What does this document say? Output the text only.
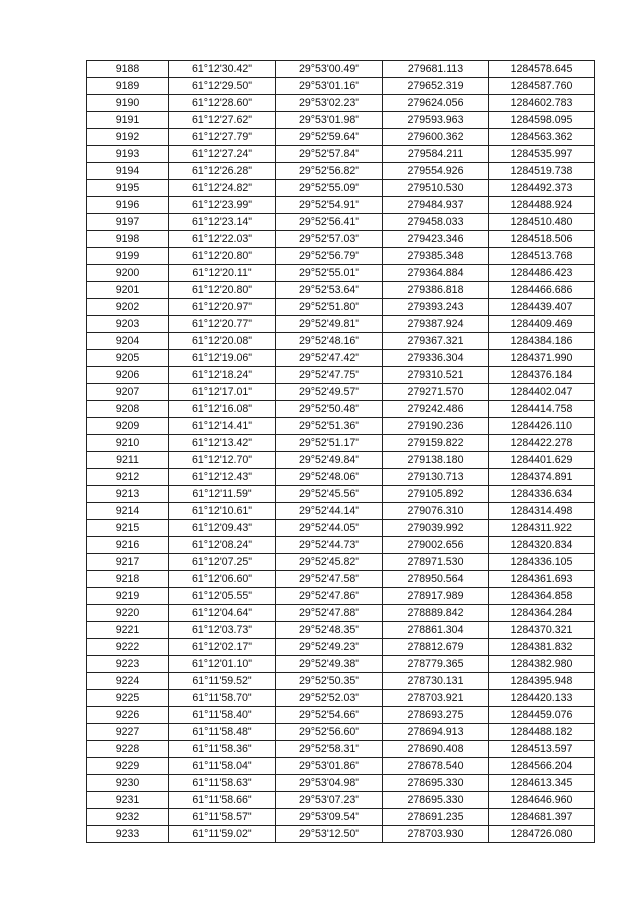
9188	61°12'30.42"	29°53'00.49"	279681.113	1284578.645
9189	61°12'29.50"	29°53'01.16"	279652.319	1284587.760
9190	61°12'28.60"	29°53'02.23"	279624.056	1284602.783
9191	61°12'27.62"	29°53'01.98"	279593.963	1284598.095
9192	61°12'27.79"	29°52'59.64"	279600.362	1284563.362
9193	61°12'27.24"	29°52'57.84"	279584.211	1284535.997
9194	61°12'26.28"	29°52'56.82"	279554.926	1284519.738
9195	61°12'24.82"	29°52'55.09"	279510.530	1284492.373
9196	61°12'23.99"	29°52'54.91"	279484.937	1284488.924
9197	61°12'23.14"	29°52'56.41"	279458.033	1284510.480
9198	61°12'22.03"	29°52'57.03"	279423.346	1284518.506
9199	61°12'20.80"	29°52'56.79"	279385.348	1284513.768
9200	61°12'20.11"	29°52'55.01"	279364.884	1284486.423
9201	61°12'20.80"	29°52'53.64"	279386.818	1284466.686
9202	61°12'20.97"	29°52'51.80"	279393.243	1284439.407
9203	61°12'20.77"	29°52'49.81"	279387.924	1284409.469
9204	61°12'20.08"	29°52'48.16"	279367.321	1284384.186
9205	61°12'19.06"	29°52'47.42"	279336.304	1284371.990
9206	61°12'18.24"	29°52'47.75"	279310.521	1284376.184
9207	61°12'17.01"	29°52'49.57"	279271.570	1284402.047
9208	61°12'16.08"	29°52'50.48"	279242.486	1284414.758
9209	61°12'14.41"	29°52'51.36"	279190.236	1284426.110
9210	61°12'13.42"	29°52'51.17"	279159.822	1284422.278
9211	61°12'12.70"	29°52'49.84"	279138.180	1284401.629
9212	61°12'12.43"	29°52'48.06"	279130.713	1284374.891
9213	61°12'11.59"	29°52'45.56"	279105.892	1284336.634
9214	61°12'10.61"	29°52'44.14"	279076.310	1284314.498
9215	61°12'09.43"	29°52'44.05"	279039.992	1284311.922
9216	61°12'08.24"	29°52'44.73"	279002.656	1284320.834
9217	61°12'07.25"	29°52'45.82"	278971.530	1284336.105
9218	61°12'06.60"	29°52'47.58"	278950.564	1284361.693
9219	61°12'05.55"	29°52'47.86"	278917.989	1284364.858
9220	61°12'04.64"	29°52'47.88"	278889.842	1284364.284
9221	61°12'03.73"	29°52'48.35"	278861.304	1284370.321
9222	61°12'02.17"	29°52'49.23"	278812.679	1284381.832
9223	61°12'01.10"	29°52'49.38"	278779.365	1284382.980
9224	61°11'59.52"	29°52'50.35"	278730.131	1284395.948
9225	61°11'58.70"	29°52'52.03"	278703.921	1284420.133
9226	61°11'58.40"	29°52'54.66"	278693.275	1284459.076
9227	61°11'58.48"	29°52'56.60"	278694.913	1284488.182
9228	61°11'58.36"	29°52'58.31"	278690.408	1284513.597
9229	61°11'58.04"	29°53'01.86"	278678.540	1284566.204
9230	61°11'58.63"	29°53'04.98"	278695.330	1284613.345
9231	61°11'58.66"	29°53'07.23"	278695.330	1284646.960
9232	61°11'58.57"	29°53'09.54"	278691.235	1284681.397
9233	61°11'59.02"	29°53'12.50"	278703.930	1284726.080
